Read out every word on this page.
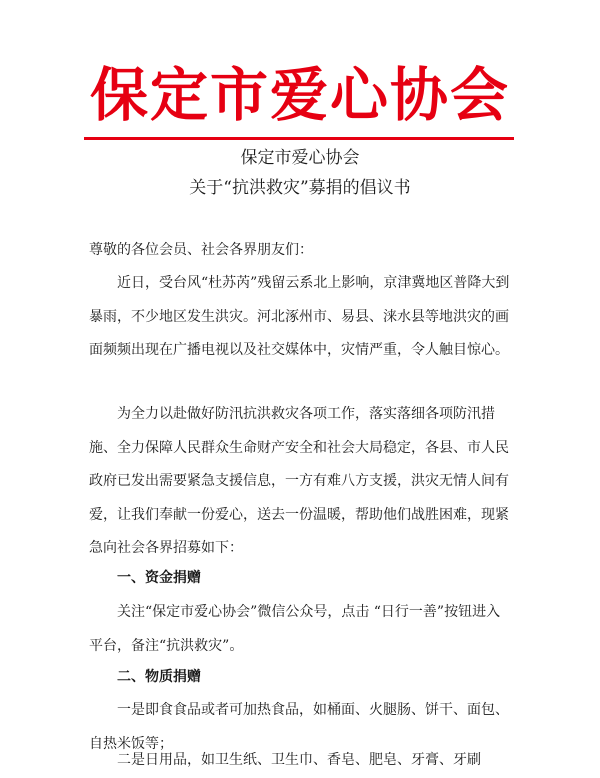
保定市爱心协会
保定市爱心协会
关于“抗洪救灾”募捐的倡议书
尊敬的各位会员、社会各界朋友们：
近日，受台风“杜苏芮”残留云系北上影响，京津冀地区普降大到暴雨，不少地区发生洪灾。河北涿州市、易县、涞水县等地洪灾的画面频频出现在广播电视以及社交媒体中，灾情严重，令人触目惊心。
为全力以赴做好防汛抗洪救灾各项工作，落实落细各项防汛措施、全力保障人民群众生命财产安全和社会大局稳定，各县、市人民政府已发出需要紧急支援信息，一方有难八方支援，洪灾无情人间有爱，让我们奉献一份爱心，送去一份温暖，帮助他们战胜困难，现紧急向社会各界招募如下：
一、资金捐赠
关注“保定市爱心协会”微信公众号，点击 “日行一善”按钮进入平台，备注“抗洪救灾”。
二、物质捐赠
一是即食食品或者可加热食品，如桶面、火腿肠、饼干、面包、自热米饭等；
二是日用品，如卫生纸、卫生巾、香皂、肥皂、牙膏、牙刷
